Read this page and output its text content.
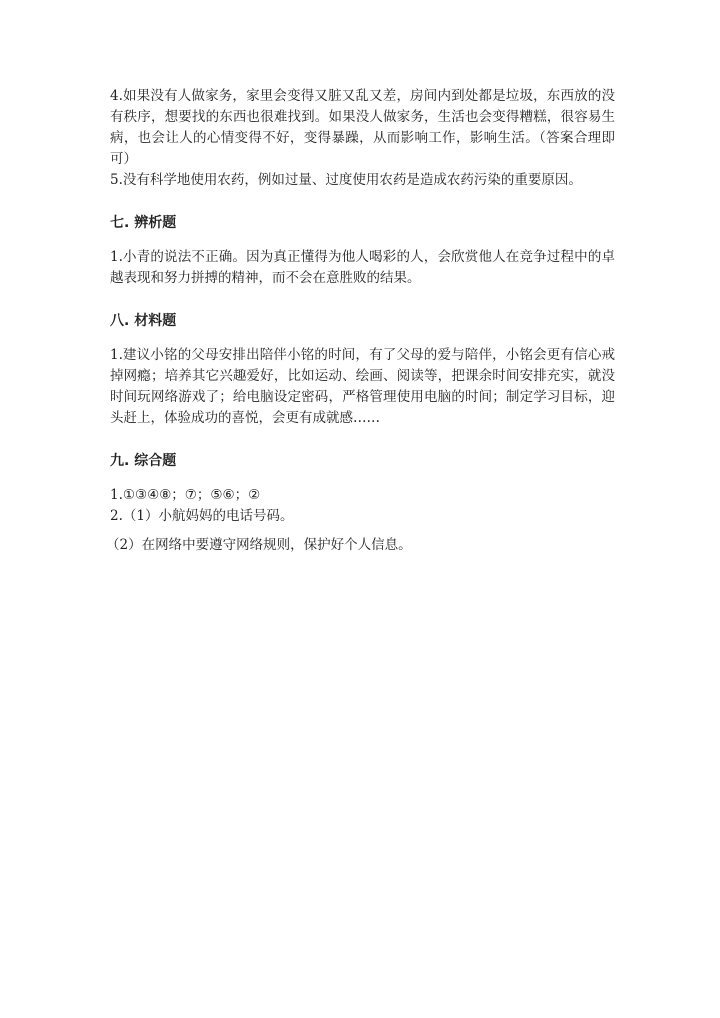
4.如果没有人做家务，家里会变得又脏又乱又差，房间内到处都是垃圾，东西放的没有秩序，想要找的东西也很难找到。如果没人做家务，生活也会变得糟糕，很容易生病，也会让人的心情变得不好，变得暴躁，从而影响工作，影响生活。（答案合理即可）

5.没有科学地使用农药，例如过量、过度使用农药是造成农药污染的重要原因。

七. 辨析题

1.小青的说法不正确。因为真正懂得为他人喝彩的人，会欣赏他人在竞争过程中的卓越表现和努力拼搏的精神，而不会在意胜败的结果。

八. 材料题

1.建议小铭的父母安排出陪伴小铭的时间，有了父母的爱与陪伴，小铭会更有信心戒掉网瘾；培养其它兴趣爱好，比如运动、绘画、阅读等，把课余时间安排充实，就没时间玩网络游戏了；给电脑设定密码，严格管理使用电脑的时间；制定学习目标，迎头赶上，体验成功的喜悦，会更有成就感……

九. 综合题

1.①③④⑧；⑦；⑤⑥；②

2.（1）小航妈妈的电话号码。

（2）在网络中要遵守网络规则，保护好个人信息。
